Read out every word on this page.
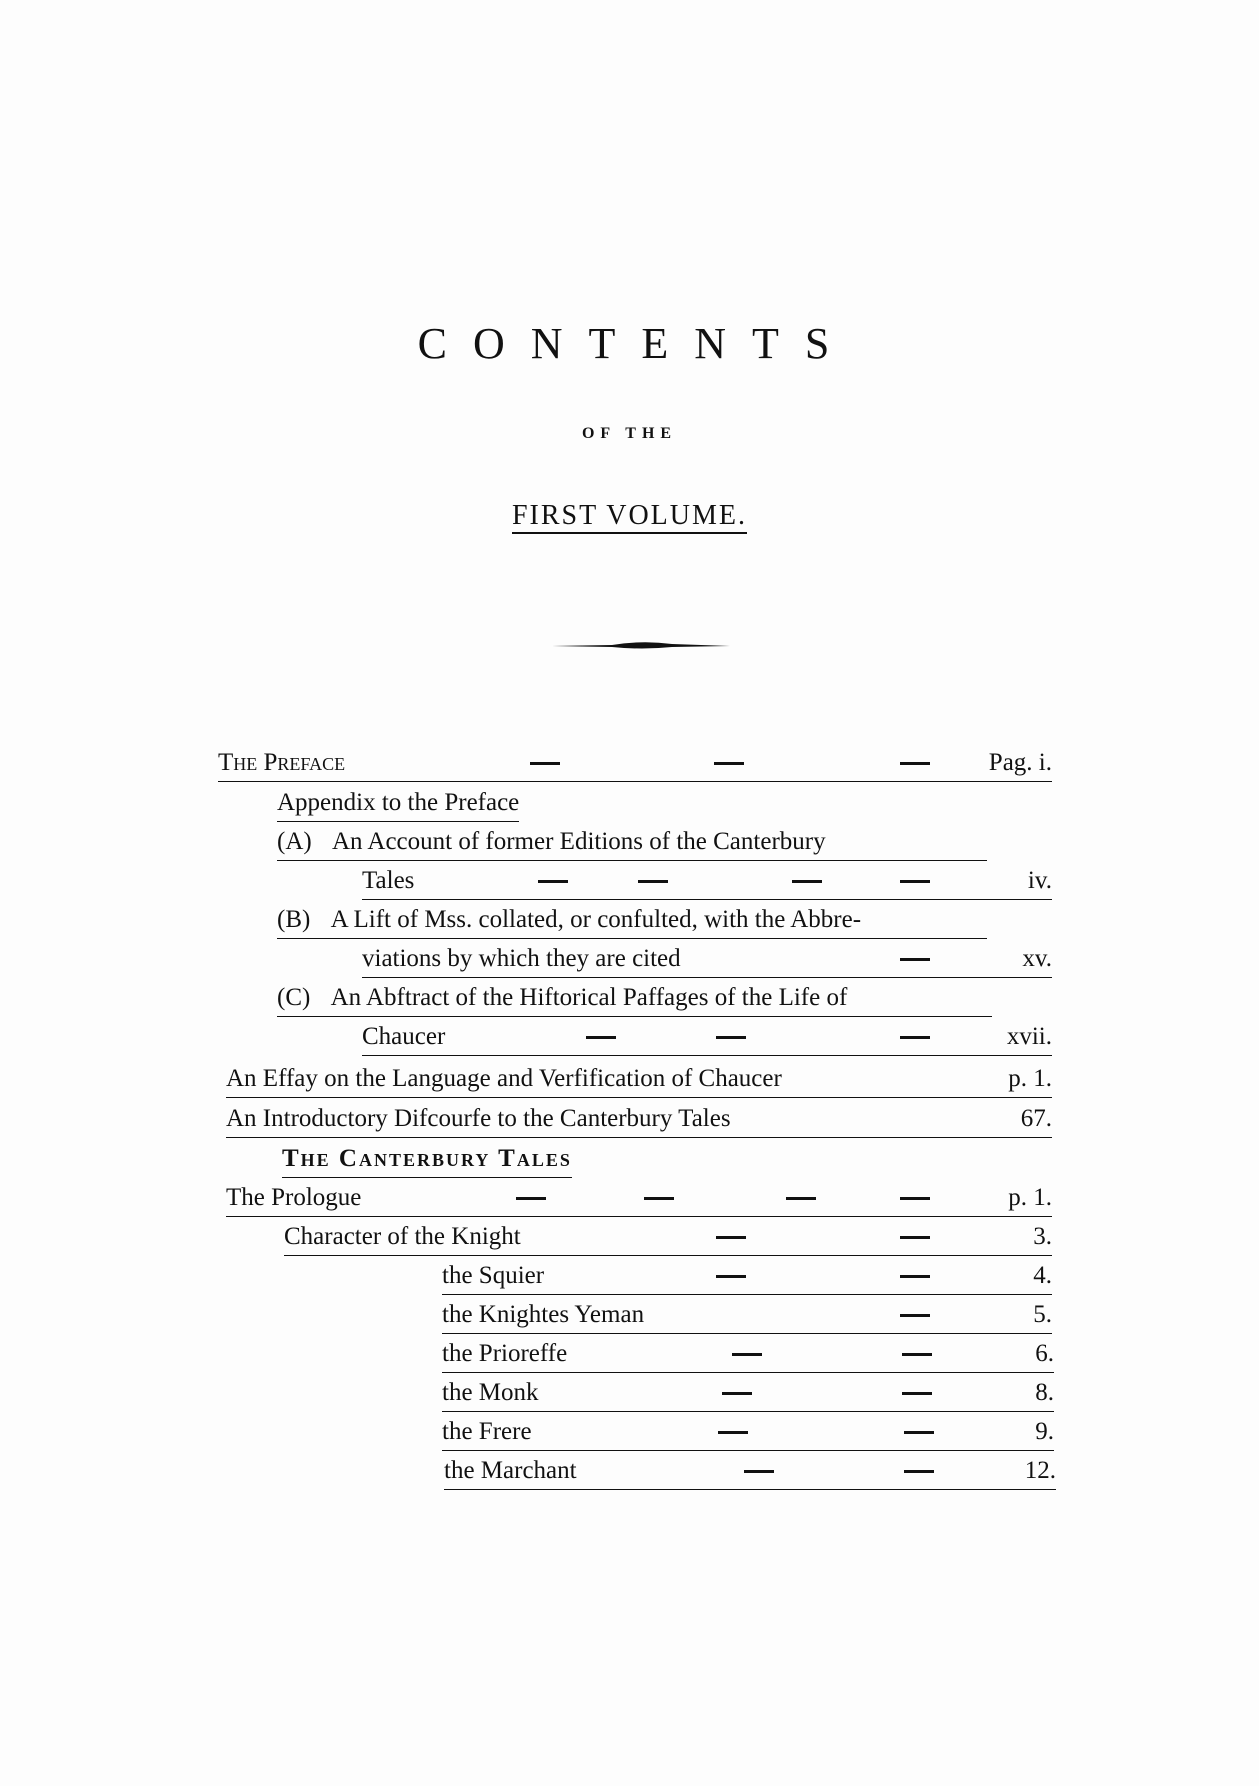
CONTENTS
OF THE
FIRST VOLUME.
The Preface	Pag. i.
Appendix to the Preface
(A) An Account of former Editions of the Canterbury
Tales	iv.
(B) A Lift of Mss. collated, or confulted, with the Abbre-
viations by which they are cited	xv.
(C) An Abftract of the Hiftorical Paffages of the Life of
Chaucer	xvii.
An Effay on the Language and Verfification of Chaucer	p. 1.
An Introductory Difcourfe to the Canterbury Tales	67.
The Canterbury Tales
The Prologue	p. 1.
Character of the Knight	3.
the Squier	4.
the Knightes Yeman	5.
the Prioreffe	6.
the Monk	8.
the Frere	9.
the Marchant	12.
